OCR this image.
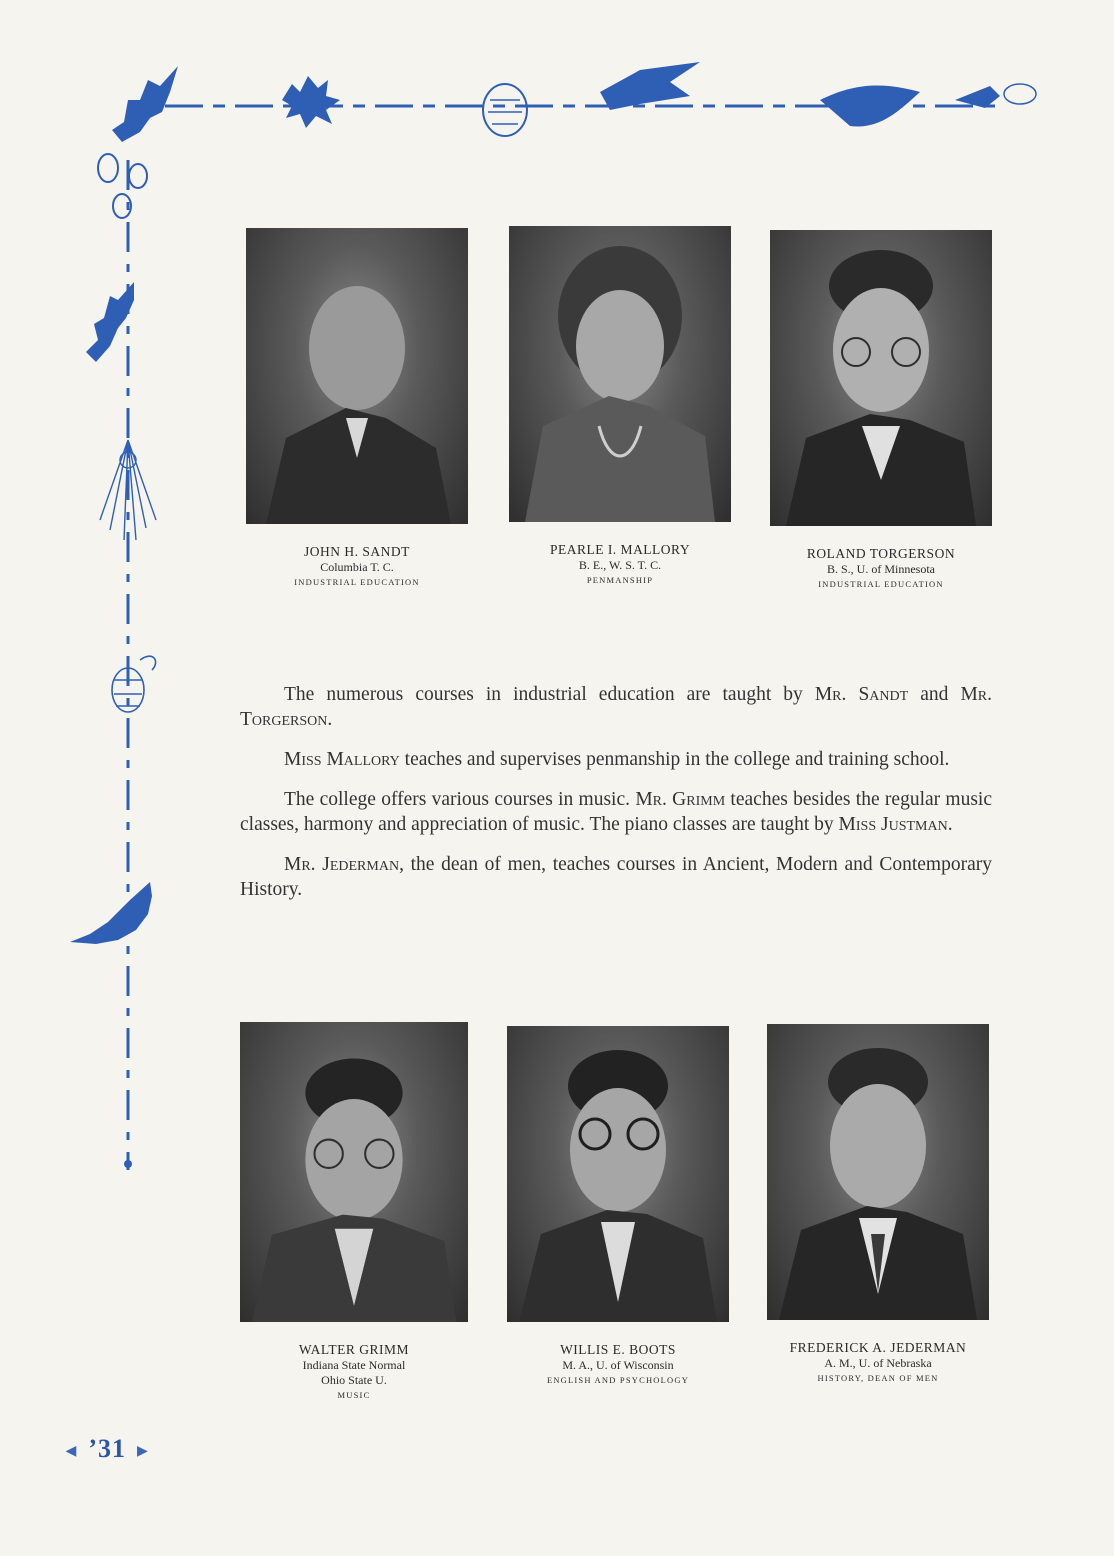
JOHN H. SANDT
Columbia T. C.
INDUSTRIAL EDUCATION
PEARLE I. MALLORY
B. E., W. S. T. C.
PENMANSHIP
ROLAND TORGERSON
B. S., U. of Minnesota
INDUSTRIAL EDUCATION

The numerous courses in industrial education are taught by Mr. Sandt and Mr. Torgerson.

Miss Mallory teaches and supervises penmanship in the college and training school.

The college offers various courses in music. Mr. Grimm teaches besides the regular music classes, harmony and appreciation of music. The piano classes are taught by Miss Justman.

Mr. Jederman, the dean of men, teaches courses in Ancient, Modern and Contemporary History.

WALTER GRIMM
Indiana State Normal
Ohio State U.
MUSIC
WILLIS E. BOOTS
M. A., U. of Wisconsin
ENGLISH AND PSYCHOLOGY
FREDERICK A. JEDERMAN
A. M., U. of Nebraska
HISTORY, DEAN OF MEN
◄ ’31 ►
